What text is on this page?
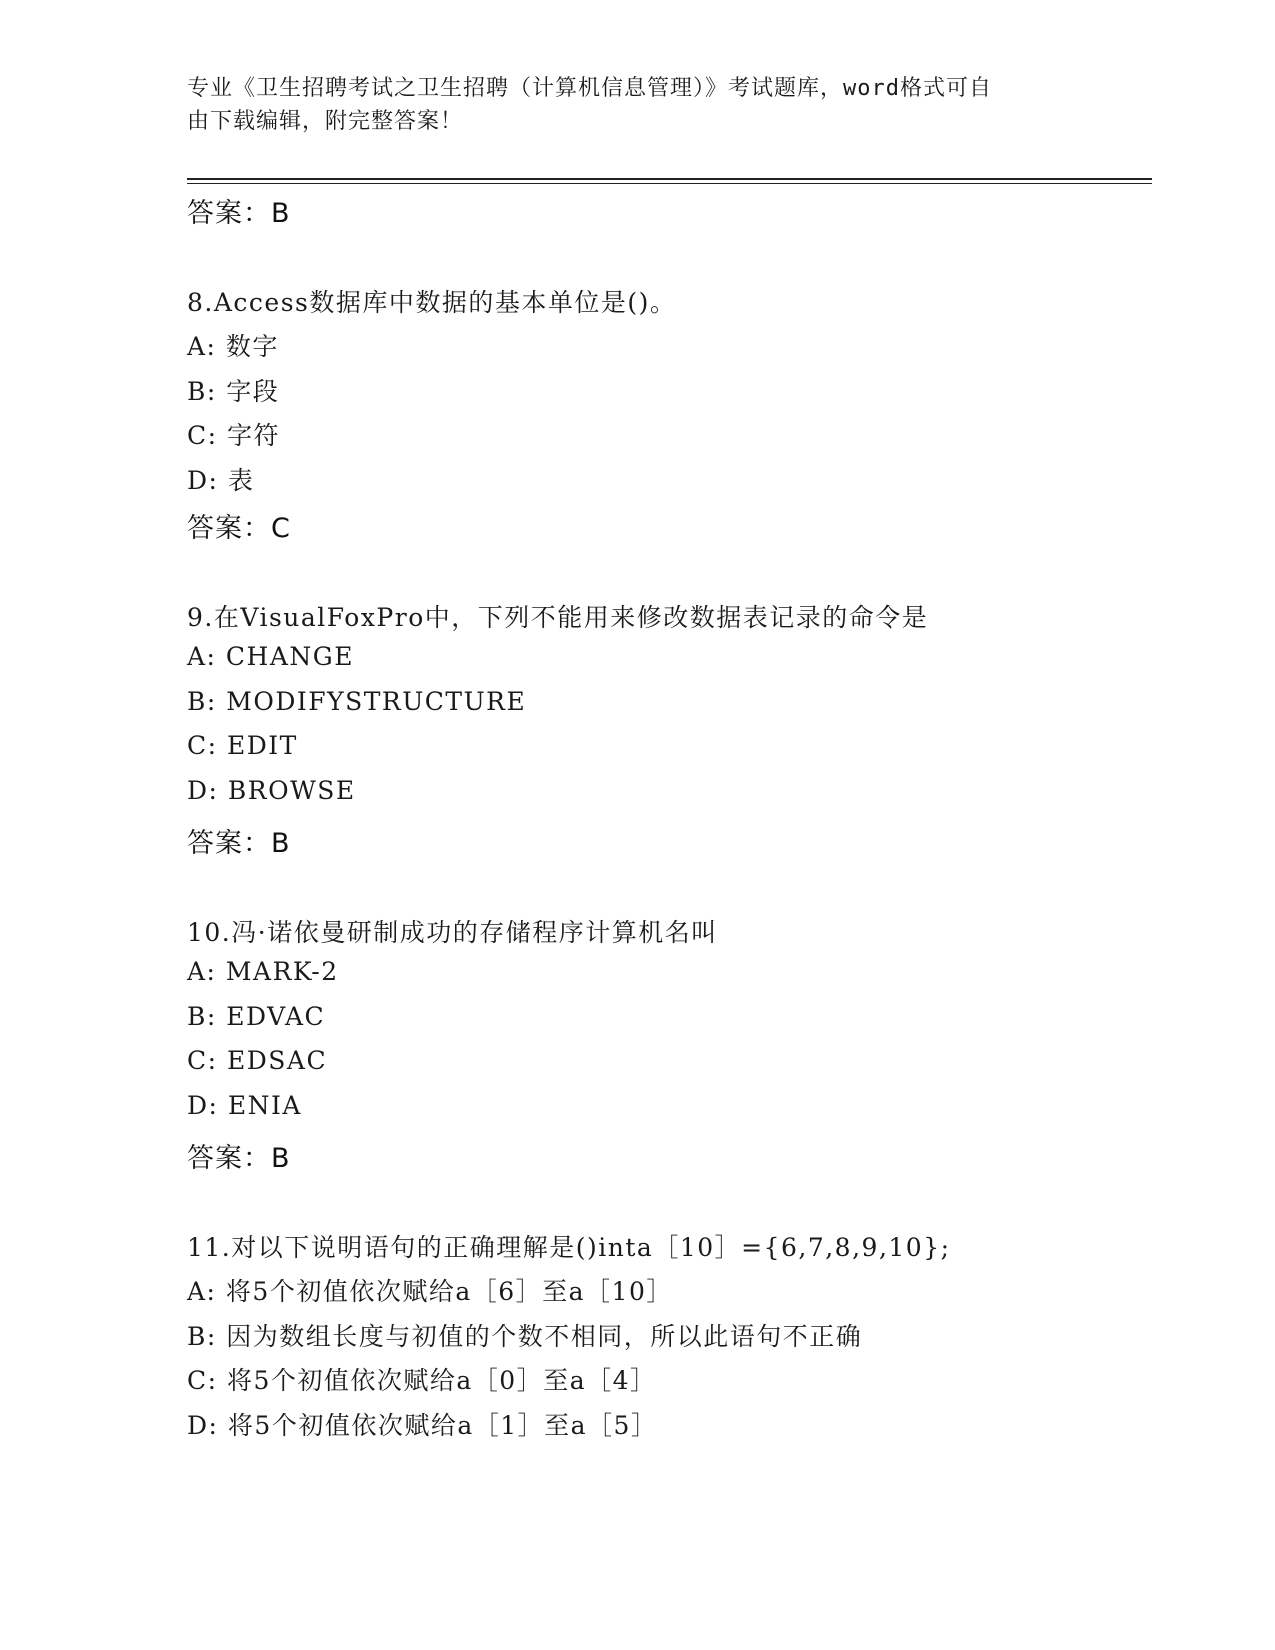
专业《卫生招聘考试之卫生招聘（计算机信息管理）》考试题库，word格式可自
由下载编辑，附完整答案！
答案：B
8.Access数据库中数据的基本单位是()。
A: 数字
B: 字段
C: 字符
D: 表
答案：C
9.在VisualFoxPro中，下列不能用来修改数据表记录的命令是
A: CHANGE
B: MODIFYSTRUCTURE
C: EDIT
D: BROWSE
答案：B
10.冯·诺依曼研制成功的存储程序计算机名叫
A: MARK-2
B: EDVAC
C: EDSAC
D: ENIA
答案：B
11.对以下说明语句的正确理解是()inta［10］={6,7,8,9,10};
A: 将5个初值依次赋给a［6］至a［10］
B: 因为数组长度与初值的个数不相同，所以此语句不正确
C: 将5个初值依次赋给a［0］至a［4］
D: 将5个初值依次赋给a［1］至a［5］
